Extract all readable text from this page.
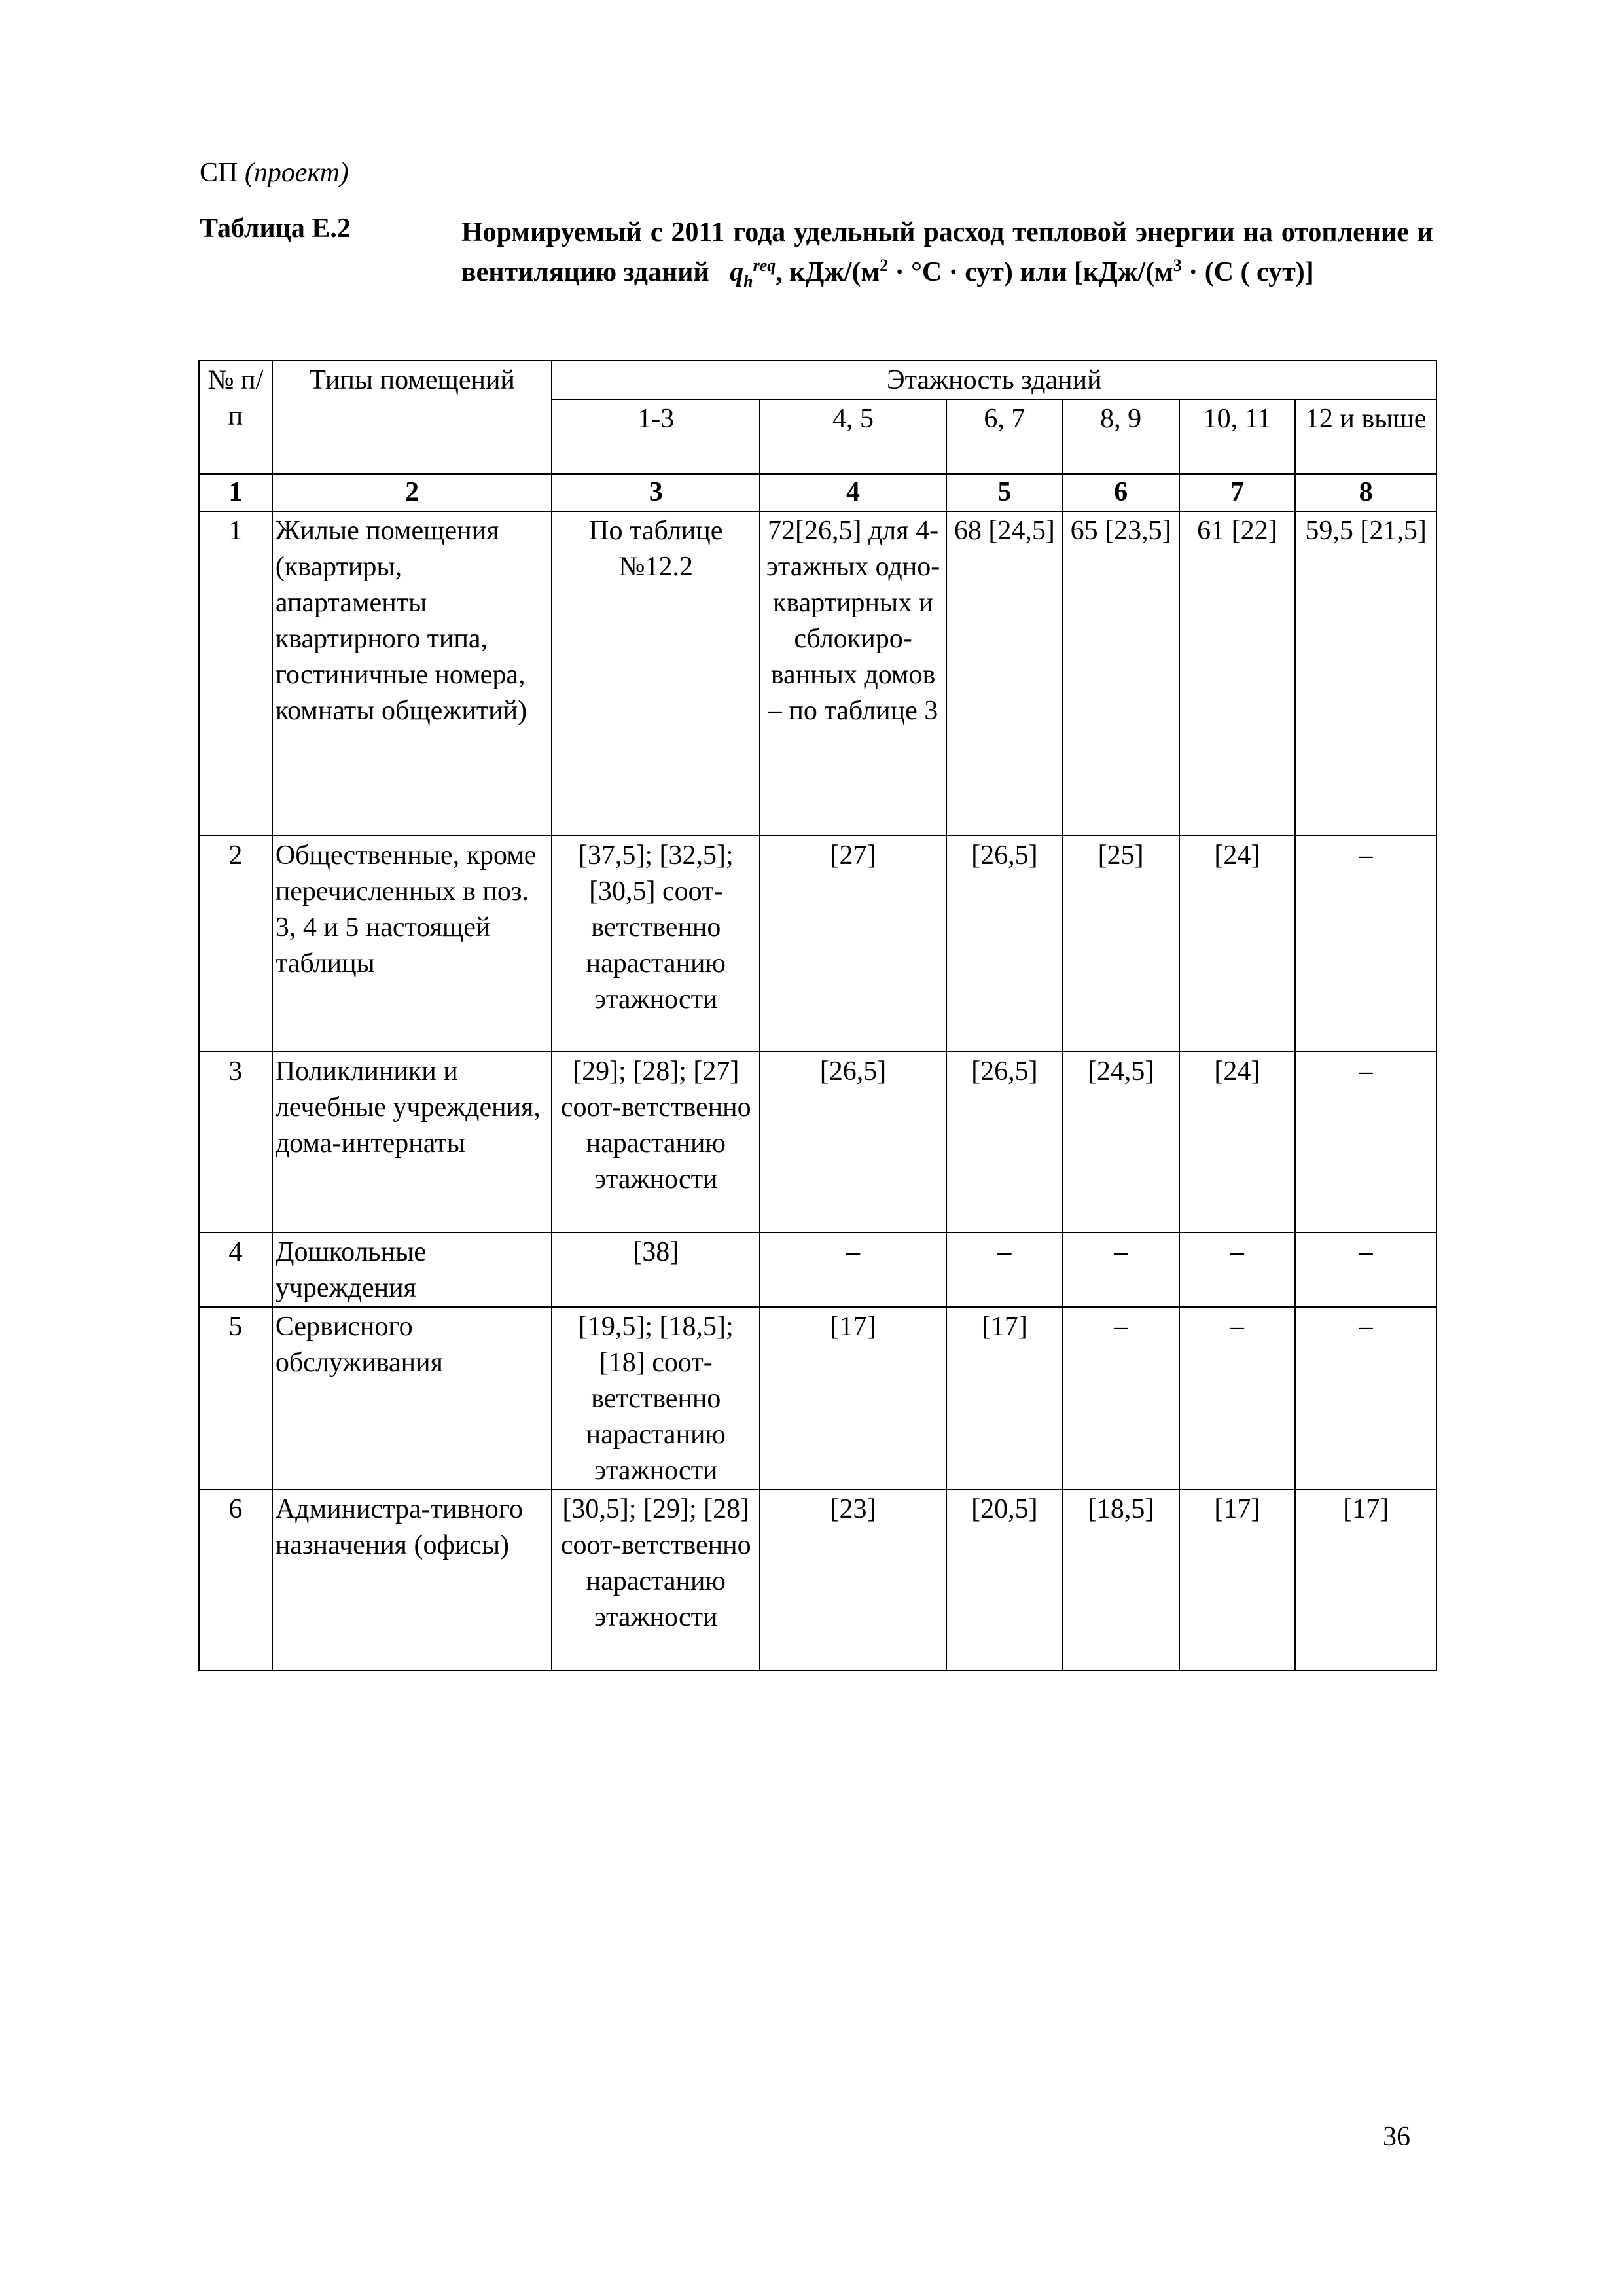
СП (проект)
Таблица Е.2	Нормируемый с 2011 года удельный расход тепловой энергии на отопление и вентиляцию зданий $q_h^{req}$, кДж/$(м^2 \cdot ^\circ С \cdot сут)$ или [$кДж/(м^3 \cdot (С$ ( сут)]
№ п/п	Типы помещений	Этажность зданий					
		1-3	4, 5	6, 7	8, 9	10, 11	12 и выше
1	2	3	4	5	6	7	8
1	Жилые помещения (квартиры, апартаменты квартирного типа, гостиничные номера, комнаты общежитий)	По таблице №12.2	72[26,5] для 4-этажных одно-квартирных и сблокиро-ванных домов – по таблице 3	68 [24,5]	65 [23,5]	61 [22]	59,5 [21,5]
2	Общественные, кроме перечисленных в поз. 3, 4 и 5 настоящей таблицы	[37,5]; [32,5]; [30,5] соот-ветственно нарастанию этажности	[27]	[26,5]	[25]	[24]	–
3	Поликлиники и лечебные учреждения, дома-интернаты	[29]; [28]; [27] соот-ветственно нарастанию этажности	[26,5]	[26,5]	[24,5]	[24]	–
4	Дошкольные учреждения	[38]	–	–	–	–	–
5	Сервисного обслуживания	[19,5]; [18,5]; [18] соот-ветственно нарастанию этажности	[17]	[17]	–	–	–
6	Администра-тивного назначения (офисы)	[30,5]; [29]; [28] соот-ветственно нарастанию этажности	[23]	[20,5]	[18,5]	[17]	[17]
36
